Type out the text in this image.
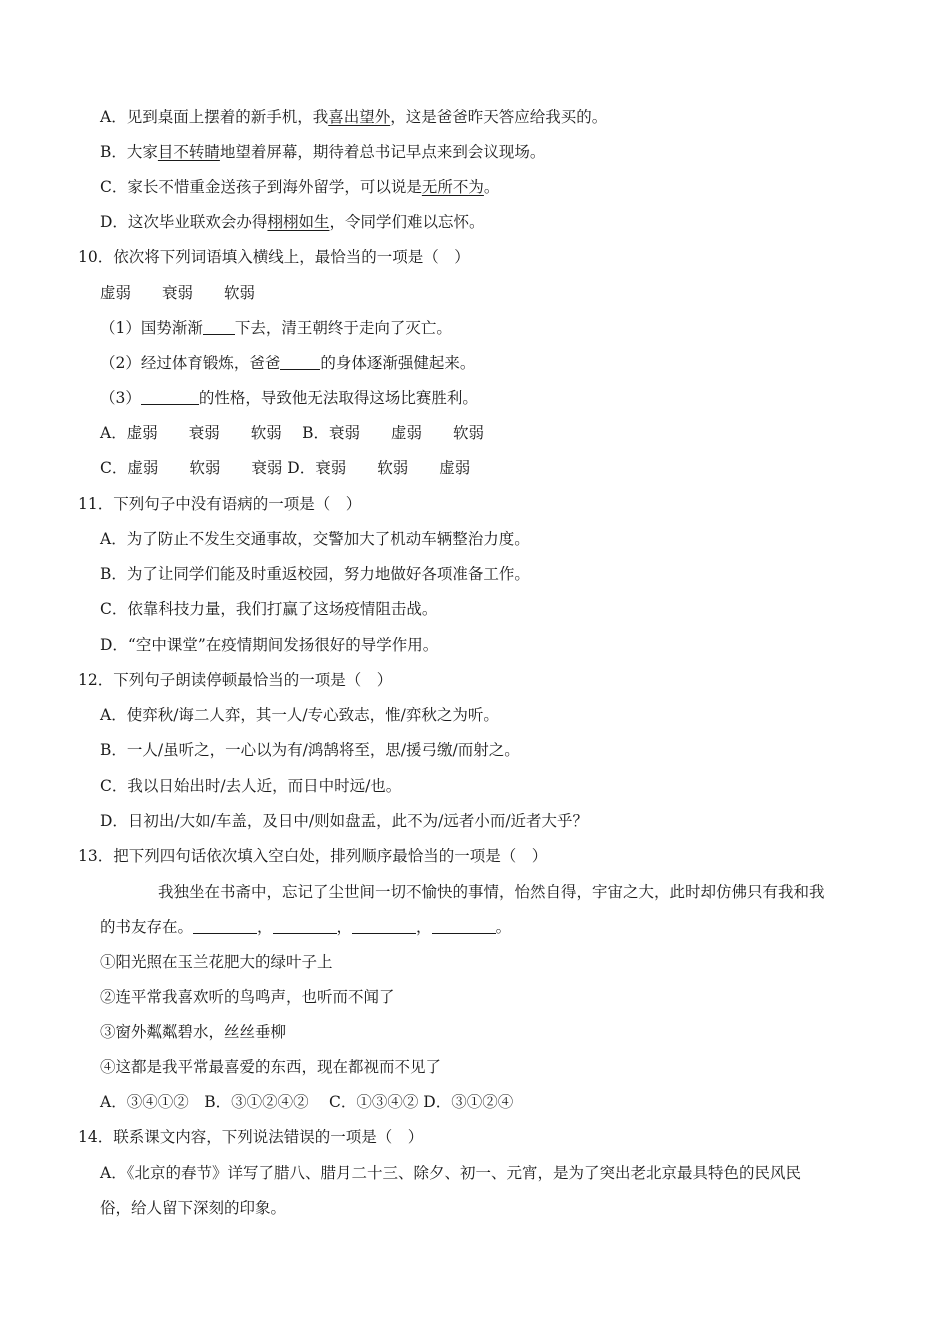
A．见到桌面上摆着的新手机，我喜出望外，这是爸爸昨天答应给我买的。
B．大家目不转睛地望着屏幕，期待着总书记早点来到会议现场。
C．家长不惜重金送孩子到海外留学，可以说是无所不为。
D．这次毕业联欢会办得栩栩如生，令同学们难以忘怀。
10．依次将下列词语填入横线上，最恰当的一项是（　）
虚弱　　衰弱　　软弱
（1）国势渐渐 下去，清王朝终于走向了灭亡。
（2）经过体育锻炼，爸爸	的身体逐渐强健起来。
（3）	的性格，导致他无法取得这场比赛胜利。
A．虚弱　　衰弱　　软弱　 B．衰弱　　虚弱　　软弱
C．虚弱　　软弱　　衰弱 D．衰弱　　软弱　　虚弱
11．下列句子中没有语病的一项是（　）
A．为了防止不发生交通事故，交警加大了机动车辆整治力度。
B．为了让同学们能及时重返校园，努力地做好各项准备工作。
C．依靠科技力量，我们打赢了这场疫情阻击战。
D．“空中课堂”在疫情期间发扬很好的导学作用。
12．下列句子朗读停顿最恰当的一项是（　）
A．使弈秋/诲二人弈，其一人/专心致志，惟/弈秋之为听。
B．一人/虽听之，一心以为有/鸿鹄将至，思/援弓缴/而射之。
C．我以日始出时/去人近，而日中时远/也。
D．日初出/大如/车盖，及日中/则如盘盂，此不为/远者小而/近者大乎？
13．把下列四句话依次填入空白处，排列顺序最恰当的一项是（　）
我独坐在书斋中，忘记了尘世间一切不愉快的事情，怡然自得，宇宙之大，此时却仿佛只有我和我
的书友存在。	，	，	，	。
①阳光照在玉兰花肥大的绿叶子上
②连平常我喜欢听的鸟鸣声，也听而不闻了
③窗外粼粼碧水，丝丝垂柳
④这都是我平常最喜爱的东西，现在都视而不见了
A．③④①②　B．③①②④②　 C．①③④② D．③①②④
14．联系课文内容，下列说法错误的一项是（　）
A．《北京的春节》详写了腊八、腊月二十三、除夕、初一、元宵，是为了突出老北京最具特色的民风民
俗，给人留下深刻的印象。
